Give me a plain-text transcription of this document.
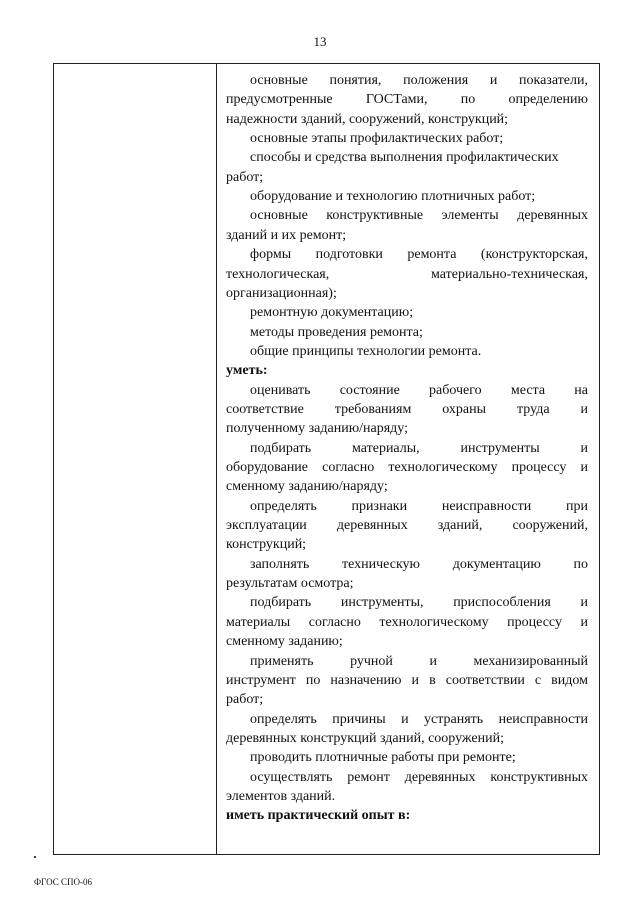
13
основные понятия, положения и показатели,
предусмотренные ГОСТами, по определению
надежности зданий, сооружений, конструкций;
основные этапы профилактических работ;
способы и средства выполнения профилактических
работ;
оборудование и технологию плотничных работ;
основные конструктивные элементы деревянных
зданий и их ремонт;
формы подготовки ремонта (конструкторская,
технологическая, материально-техническая,
организационная);
ремонтную документацию;
методы проведения ремонта;
общие принципы технологии ремонта.
уметь:
оценивать состояние рабочего места на
соответствие требованиям охраны труда и
полученному заданию/наряду;
подбирать материалы, инструменты и
оборудование согласно технологическому процессу и
сменному заданию/наряду;
определять признаки неисправности при
эксплуатации деревянных зданий, сооружений,
конструкций;
заполнять техническую документацию по
результатам осмотра;
подбирать инструменты, приспособления и
материалы согласно технологическому процессу и
сменному заданию;
применять ручной и механизированный
инструмент по назначению и в соответствии с видом
работ;
определять причины и устранять неисправности
деревянных конструкций зданий, сооружений;
проводить плотничные работы при ремонте;
осуществлять ремонт деревянных конструктивных
элементов зданий.
иметь практический опыт в:
ФГОС СПО-06
